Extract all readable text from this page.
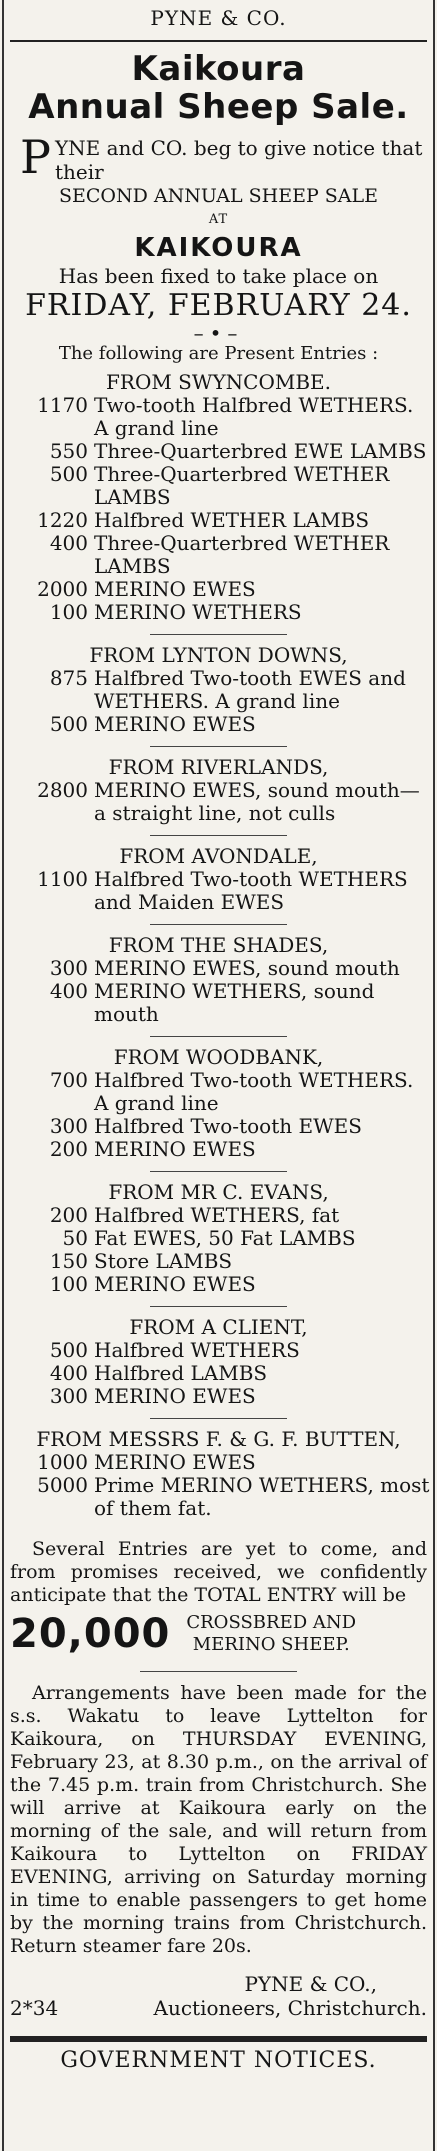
PYNE & CO.
Kaikoura
Annual Sheep Sale.
P YNE and CO. beg to give notice that their
SECOND ANNUAL SHEEP SALE
AT
KAIKOURA
Has been fixed to take place on
FRIDAY, FEBRUARY 24.
–•–
The following are Present Entries :
FROM SWYNCOMBE.
1170 Two-tooth Halfbred WETHERS. A grand line
550 Three-Quarterbred EWE LAMBS
500 Three-Quarterbred WETHER LAMBS
1220 Halfbred WETHER LAMBS
400 Three-Quarterbred WETHER LAMBS
2000 MERINO EWES
100 MERINO WETHERS
FROM LYNTON DOWNS,
875 Halfbred Two-tooth EWES and WETHERS. A grand line
500 MERINO EWES
FROM RIVERLANDS,
2800 MERINO EWES, sound mouth—a straight line, not culls
FROM AVONDALE,
1100 Halfbred Two-tooth WETHERS and Maiden EWES
FROM THE SHADES,
300 MERINO EWES, sound mouth
400 MERINO WETHERS, sound mouth
FROM WOODBANK,
700 Halfbred Two-tooth WETHERS. A grand line
300 Halfbred Two-tooth EWES
200 MERINO EWES
FROM MR C. EVANS,
200 Halfbred WETHERS, fat
50 Fat EWES, 50 Fat LAMBS
150 Store LAMBS
100 MERINO EWES
FROM A CLIENT,
500 Halfbred WETHERS
400 Halfbred LAMBS
300 MERINO EWES
FROM MESSRS F. & G. F. BUTTEN,
1000 MERINO EWES
5000 Prime MERINO WETHERS, most of them fat.
Several Entries are yet to come, and from promises received, we confidently anticipate that the TOTAL ENTRY will be
20,000 CROSSBRED AND
MERINO SHEEP.
Arrangements have been made for the s.s. Wakatu to leave Lyttelton for Kaikoura, on THURSDAY EVENING, February 23, at 8.30 p.m., on the arrival of the 7.45 p.m. train from Christchurch. She will arrive at Kaikoura early on the morning of the sale, and will return from Kaikoura to Lyttelton on FRIDAY EVENING, arriving on Saturday morning in time to enable passengers to get home by the morning trains from Christchurch. Return steamer fare 20s.
PYNE & CO.,
2*34	Auctioneers, Christchurch.
GOVERNMENT NOTICES.
